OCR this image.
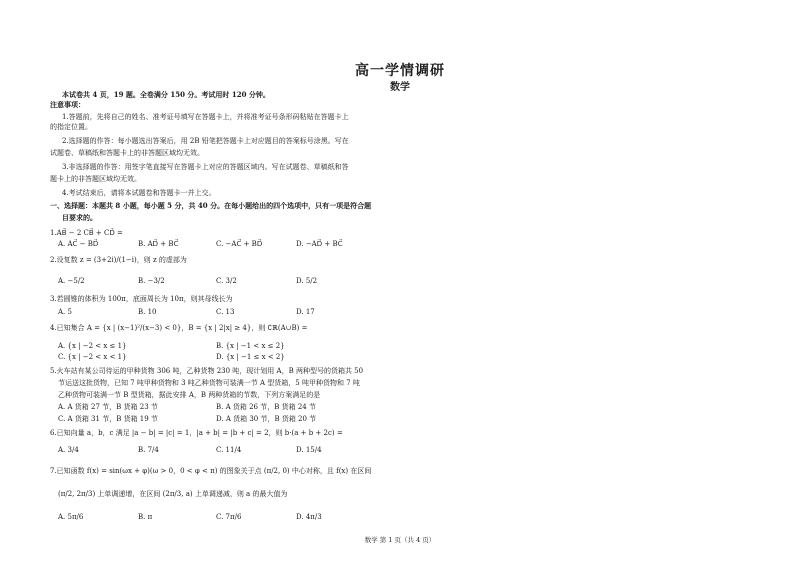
高一学情调研
数学
本试卷共 4 页，19 题。全卷满分 150 分。考试用时 120 分钟。
注意事项：
1.答题前，先将自己的姓名、准考证号填写在答题卡上，并将准考证号条形码粘贴在答题卡上
的指定位置。
2.选择题的作答：每小题选出答案后，用 2B 铅笔把答题卡上对应题目的答案标号涂黑。写在
试题卷、草稿纸和答题卡上的非答题区域均无效。
3.非选择题的作答：用签字笔直接写在答题卡上对应的答题区域内。写在试题卷、草稿纸和答
题卡上的非答题区域均无效。
4.考试结束后，请将本试题卷和答题卡一并上交。
一、选择题：本题共 8 小题，每小题 5 分，共 40 分。在每小题给出的四个选项中，只有一项是符合题
目要求的。
1.AB⃗ − 2 CB⃗ + CD⃗ =
A. AC⃗ − BD⃗	B. AD⃗ + BC⃗	C. −AC⃗ + BD⃗	D. −AD⃗ + BC⃗
2.设复数 z = (3+2i)/(1−i)，则 z 的虚部为
A. −5/2	B. −3/2	C. 3/2	D. 5/2
3.若圆锥的体积为 100π，底面周长为 10π，则其母线长为
A. 5	B. 10	C. 13	D. 17
4.已知集合 A = {x | (x−1)²/(x−3) < 0}，B = {x | 2|x| ≥ 4}，则 ∁ℝ(A∪B) =
A. {x | −2 < x ≤ 1}	B. {x | −1 < x ≤ 2}
C. {x | −2 < x < 1}	D. {x | −1 ≤ x < 2}
5.火车站有某公司待运的甲种货物 306 吨，乙种货物 230 吨，现计划用 A，B 两种型号的货箱共 50
节运送这批货物，已知 7 吨甲种货物和 3 吨乙种货物可装满一节 A 型货箱，5 吨甲种货物和 7 吨
乙种货物可装满一节 B 型货箱，据此安排 A，B 两种货箱的节数，下列方案满足的是
A. A 货箱 27 节，B 货箱 23 节	B. A 货箱 26 节，B 货箱 24 节
C. A 货箱 31 节，B 货箱 19 节	D. A 货箱 30 节，B 货箱 20 节
6.已知向量 a，b，c 满足 |a − b| = |c| = 1，|a + b| = |b + c| = 2，则 b·(a + b + 2c) =
A. 3/4	B. 7/4	C. 11/4	D. 15/4
7.已知函数 f(x) = sin(ωx + φ)(ω > 0，0 < φ < π) 的图象关于点 (π/2, 0) 中心对称，且 f(x) 在区间
(π/2, 2π/3) 上单调递增，在区间 (2π/3, a) 上单调递减，则 a 的最大值为
A. 5π/6	B. π	C. 7π/6	D. 4π/3
数学 第 1 页（共 4 页）
